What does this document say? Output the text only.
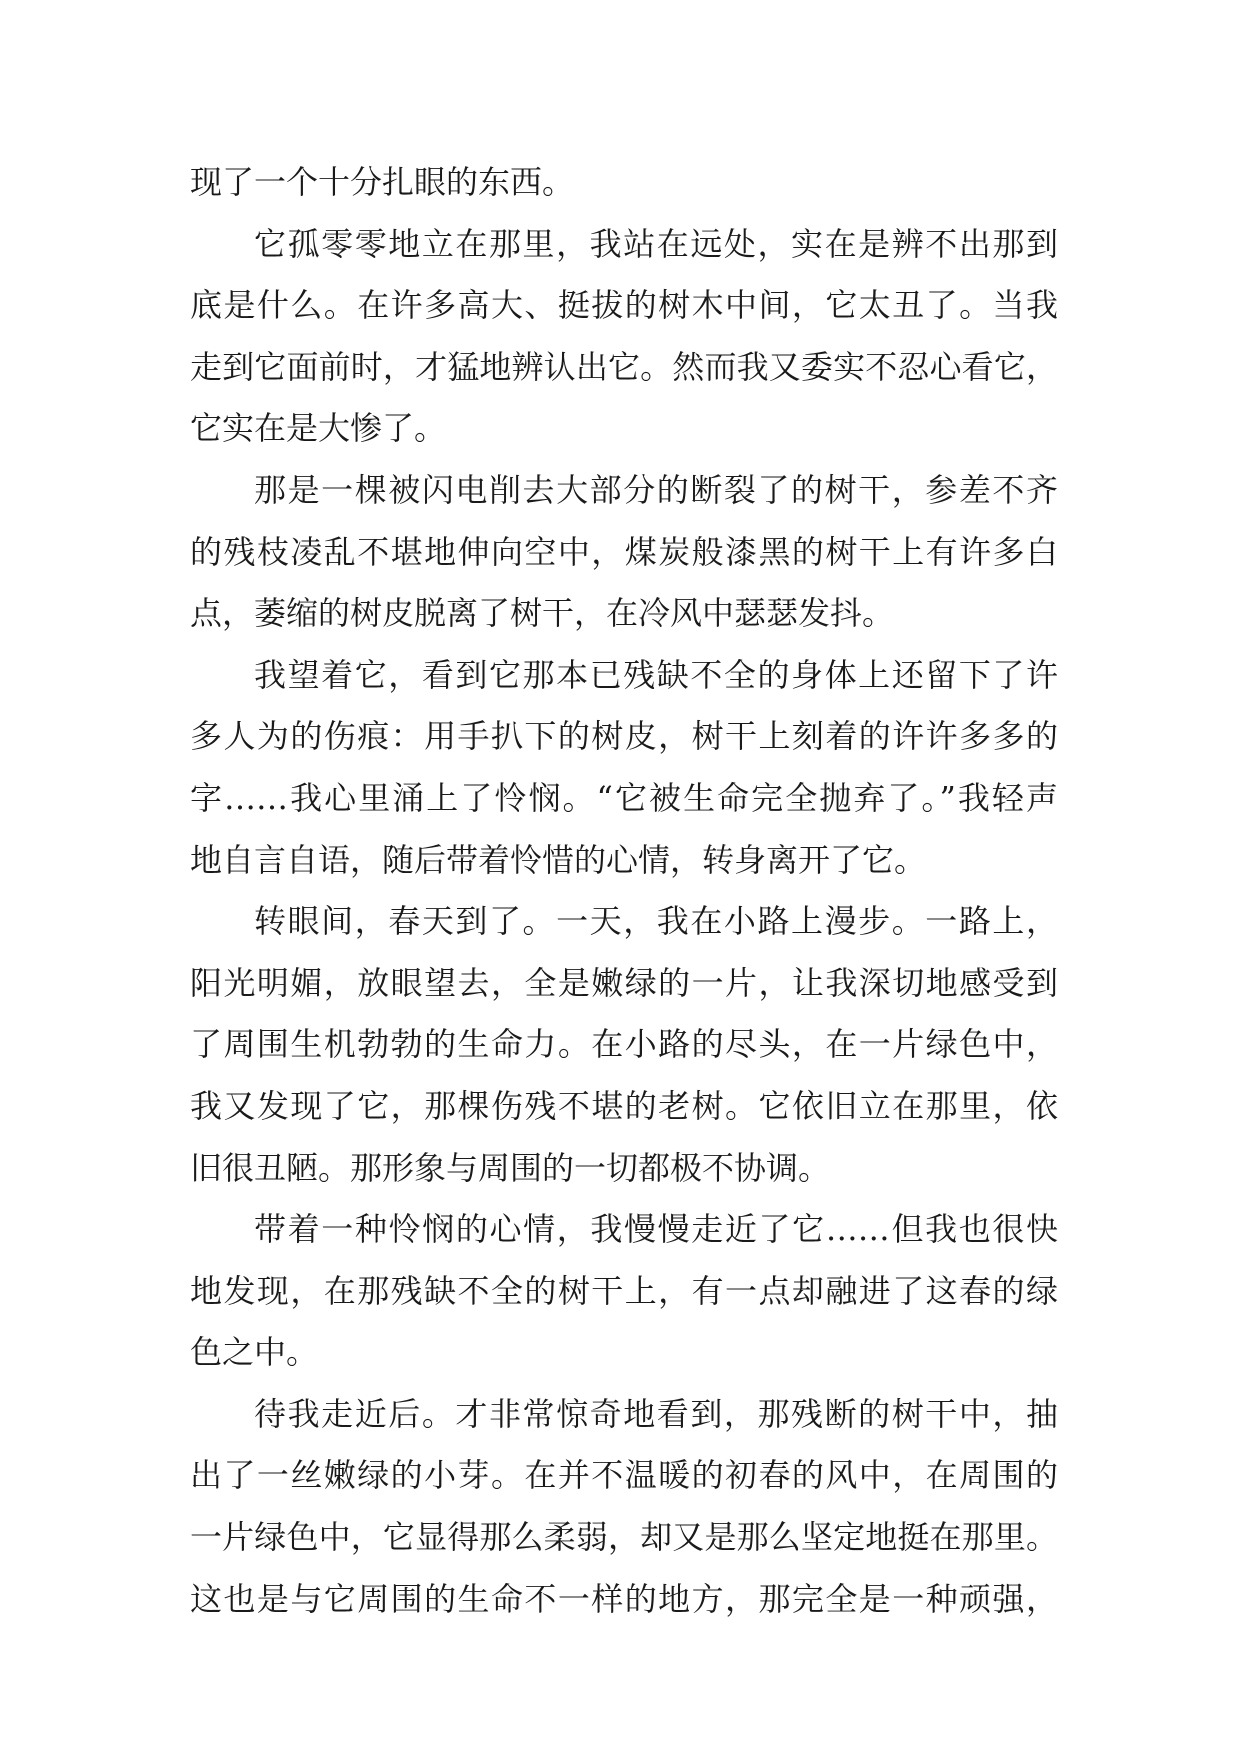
现了一个十分扎眼的东西。
它孤零零地立在那里，我站在远处，实在是辨不出那到
底是什么。在许多高大、挺拔的树木中间，它太丑了。当我
走到它面前时，才猛地辨认出它。然而我又委实不忍心看它，
它实在是大惨了。
那是一棵被闪电削去大部分的断裂了的树干，参差不齐
的残枝凌乱不堪地伸向空中，煤炭般漆黑的树干上有许多白
点，萎缩的树皮脱离了树干，在冷风中瑟瑟发抖。
我望着它，看到它那本已残缺不全的身体上还留下了许
多人为的伤痕：用手扒下的树皮，树干上刻着的许许多多的
字……我心里涌上了怜悯。“它被生命完全抛弃了。”我轻声
地自言自语，随后带着怜惜的心情，转身离开了它。
转眼间，春天到了。一天，我在小路上漫步。一路上，
阳光明媚，放眼望去，全是嫩绿的一片，让我深切地感受到
了周围生机勃勃的生命力。在小路的尽头，在一片绿色中，
我又发现了它，那棵伤残不堪的老树。它依旧立在那里，依
旧很丑陋。那形象与周围的一切都极不协调。
带着一种怜悯的心情，我慢慢走近了它……但我也很快
地发现，在那残缺不全的树干上，有一点却融进了这春的绿
色之中。
待我走近后。才非常惊奇地看到，那残断的树干中，抽
出了一丝嫩绿的小芽。在并不温暖的初春的风中，在周围的
一片绿色中，它显得那么柔弱，却又是那么坚定地挺在那里。
这也是与它周围的生命不一样的地方，那完全是一种顽强，
